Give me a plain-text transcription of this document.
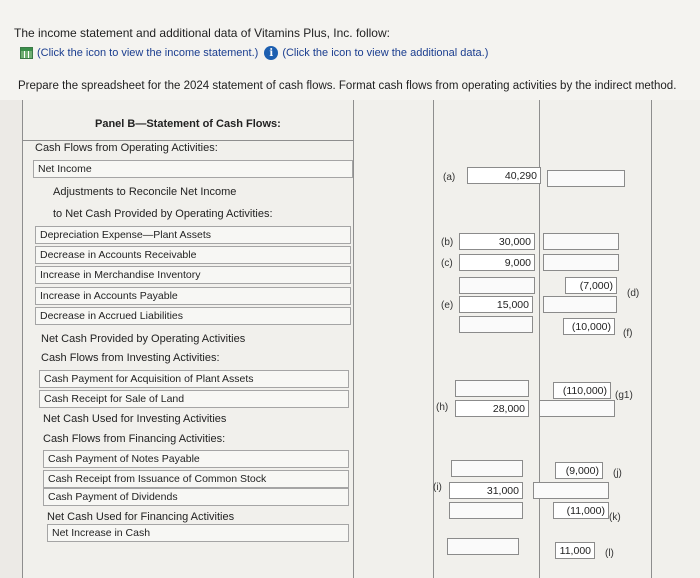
The income statement and additional data of Vitamins Plus, Inc. follow:
(Click the icon to view the income statement.)	i (Click the icon to view the additional data.)
Prepare the spreadsheet for the 2024 statement of cash flows. Format cash flows from operating activities by the indirect method.
Panel B—Statement of Cash Flows:
Cash Flows from Operating Activities:
Net Income
Adjustments to Reconcile Net Income
to Net Cash Provided by Operating Activities:
Depreciation Expense—Plant Assets
Decrease in Accounts Receivable
Increase in Merchandise Inventory
Increase in Accounts Payable
Decrease in Accrued Liabilities
Net Cash Provided by Operating Activities
Cash Flows from Investing Activities:
Cash Payment for Acquisition of Plant Assets
Cash Receipt for Sale of Land
Net Cash Used for Investing Activities
Cash Flows from Financing Activities:
Cash Payment of Notes Payable
Cash Receipt from Issuance of Common Stock
Cash Payment of Dividends
Net Cash Used for Financing Activities
Net Increase in Cash
(a)
(b)
(c)
(e)
(h)
(i)
40,290
30,000
9,000
15,000
28,000
31,000
(7,000)
(10,000)
(110,000)
(9,000)
(11,000)
11,000
(d)
(f)
(g1)
(j)
(k)
(l)
